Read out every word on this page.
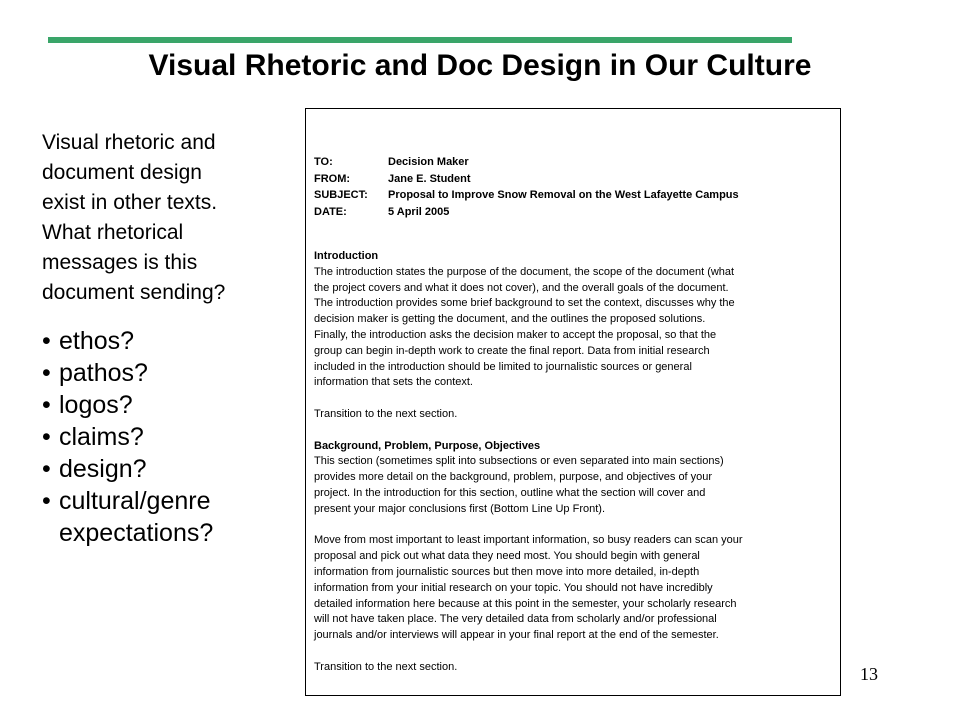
Visual Rhetoric and Doc Design in Our Culture
Visual rhetoric and
document design
exist in other texts.
What rhetorical
messages is this
document sending?
• ethos?
• pathos?
• logos?
• claims?
• design?
• cultural/genre
expectations?
TO:	Decision Maker
FROM:	Jane E. Student
SUBJECT:	Proposal to Improve Snow Removal on the West Lafayette Campus
DATE:	5 April 2005
Introduction
The introduction states the purpose of the document, the scope of the document (what
the project covers and what it does not cover), and the overall goals of the document.
The introduction provides some brief background to set the context, discusses why the
decision maker is getting the document, and the outlines the proposed solutions.
Finally, the introduction asks the decision maker to accept the proposal, so that the
group can begin in-depth work to create the final report. Data from initial research
included in the introduction should be limited to journalistic sources or general
information that sets the context.
Transition to the next section.
Background, Problem, Purpose, Objectives
This section (sometimes split into subsections or even separated into main sections)
provides more detail on the background, problem, purpose, and objectives of your
project. In the introduction for this section, outline what the section will cover and
present your major conclusions first (Bottom Line Up Front).
Move from most important to least important information, so busy readers can scan your
proposal and pick out what data they need most. You should begin with general
information from journalistic sources but then move into more detailed, in-depth
information from your initial research on your topic. You should not have incredibly
detailed information here because at this point in the semester, your scholarly research
will not have taken place. The very detailed data from scholarly and/or professional
journals and/or interviews will appear in your final report at the end of the semester.
Transition to the next section.	13
